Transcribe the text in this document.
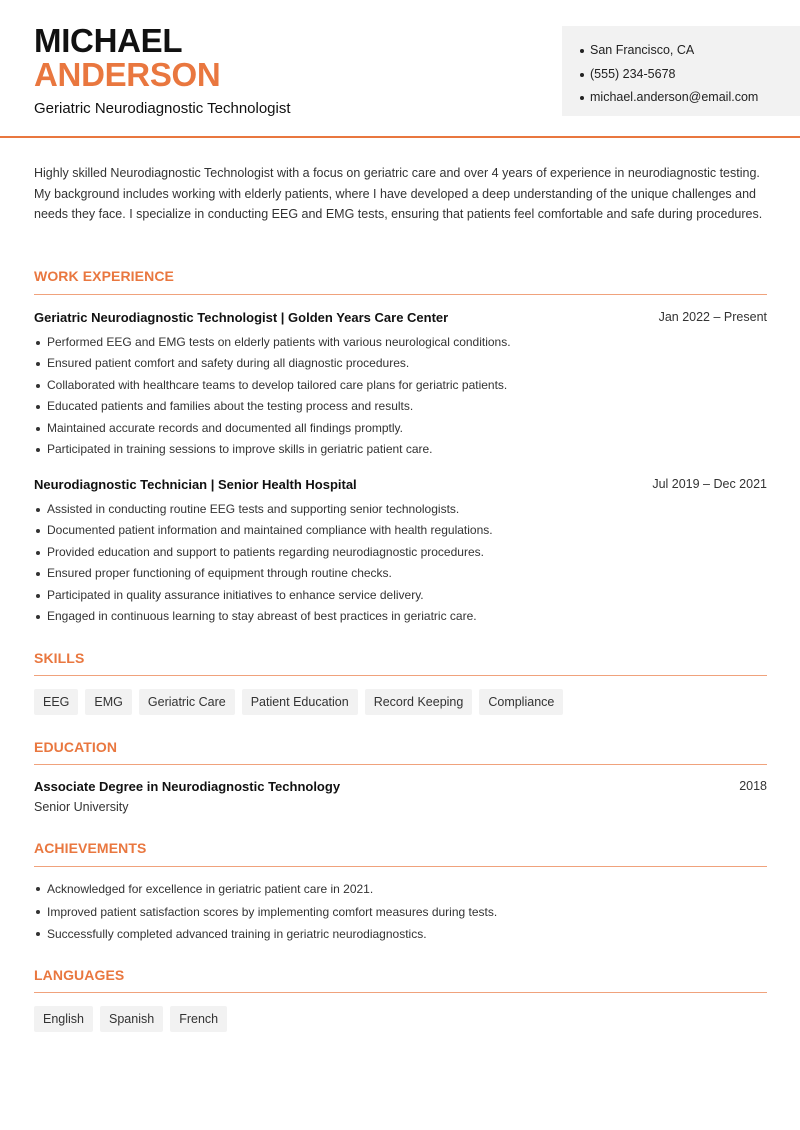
MICHAEL
ANDERSON
Geriatric Neurodiagnostic Technologist
San Francisco, CA
(555) 234-5678
michael.anderson@email.com

Highly skilled Neurodiagnostic Technologist with a focus on geriatric care and over 4 years of experience in neurodiagnostic testing. My background includes working with elderly patients, where I have developed a deep understanding of the unique challenges and needs they face. I specialize in conducting EEG and EMG tests, ensuring that patients feel comfortable and safe during procedures.

WORK EXPERIENCE
Geriatric Neurodiagnostic Technologist | Golden Years Care Center	Jan 2022 – Present
Performed EEG and EMG tests on elderly patients with various neurological conditions.
Ensured patient comfort and safety during all diagnostic procedures.
Collaborated with healthcare teams to develop tailored care plans for geriatric patients.
Educated patients and families about the testing process and results.
Maintained accurate records and documented all findings promptly.
Participated in training sessions to improve skills in geriatric patient care.
Neurodiagnostic Technician | Senior Health Hospital	Jul 2019 – Dec 2021
Assisted in conducting routine EEG tests and supporting senior technologists.
Documented patient information and maintained compliance with health regulations.
Provided education and support to patients regarding neurodiagnostic procedures.
Ensured proper functioning of equipment through routine checks.
Participated in quality assurance initiatives to enhance service delivery.
Engaged in continuous learning to stay abreast of best practices in geriatric care.
SKILLS
EEG	EMG	Geriatric Care	Patient Education	Record Keeping	Compliance
EDUCATION
Associate Degree in Neurodiagnostic Technology	2018
Senior University
ACHIEVEMENTS
Acknowledged for excellence in geriatric patient care in 2021.
Improved patient satisfaction scores by implementing comfort measures during tests.
Successfully completed advanced training in geriatric neurodiagnostics.
LANGUAGES
English	Spanish	French
